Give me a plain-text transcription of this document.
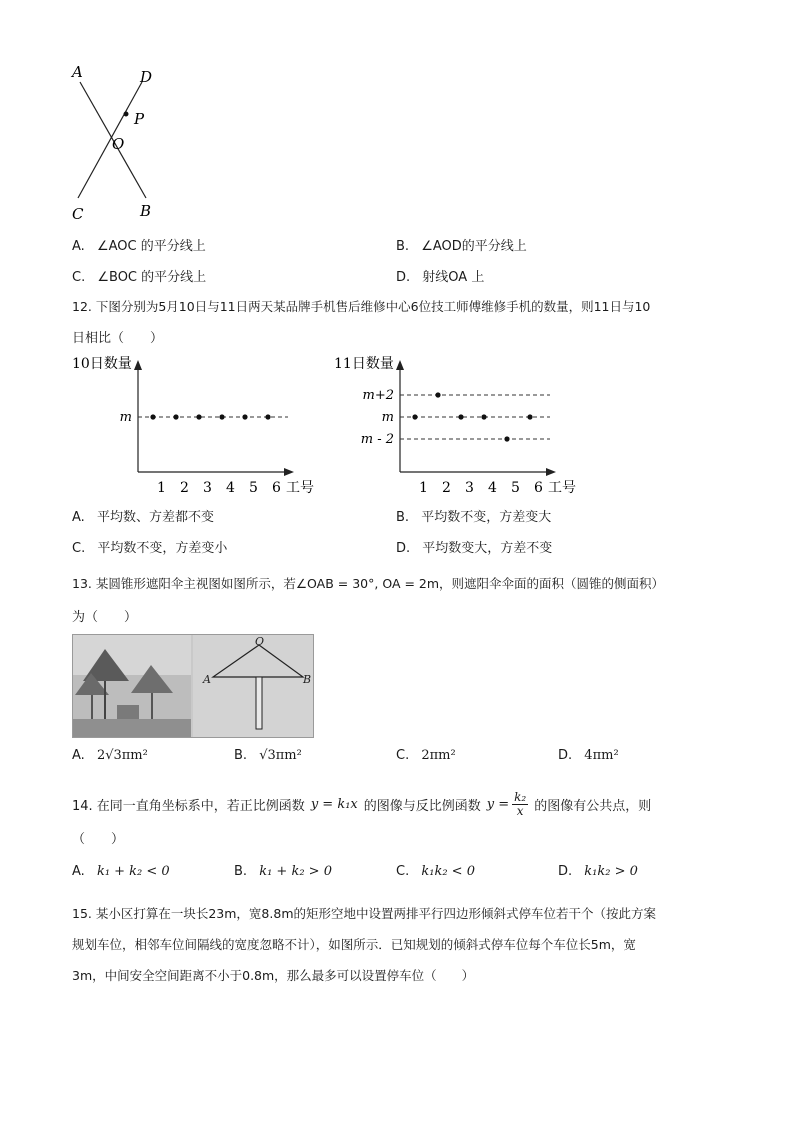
A	D
P
O
C	B
A. ∠AOC 的平分线上	B. ∠AOD的平分线上
C. ∠BOC 的平分线上	D. 射线OA 上
12. 下图分别为5月10日与11日两天某品牌手机售后维修中心6位技工师傅维修手机的数量，则11日与10
日相比（　　）
10日数量
m
1 2 3 4 5 6 工号
11日数量
m+2
m
m - 2
1 2 3 4 5 6 工号
A. 平均数、方差都不变	B. 平均数不变，方差变大
C. 平均数不变，方差变小	D. 平均数变大，方差不变
13. 某圆锥形遮阳伞主视图如图所示，若∠OAB = 30°, OA = 2m，则遮阳伞伞面的面积（圆锥的侧面积）
为（　　）
O
A	B
A. 2√3πm²	B. √3πm²	C. 2πm²	D. 4πm²
14. 在同一直角坐标系中，若正比例函数 y = k₁x 的图像与反比例函数 $y = \frac{\text{k₂}}{x}$ 的图像有公共点，则
（　　）
A. k₁ + k₂ < 0	B. k₁ + k₂ > 0	C. k₁k₂ < 0	D. k₁k₂ > 0
15. 某小区打算在一块长23m，宽8.8m的矩形空地中设置两排平行四边形倾斜式停车位若干个（按此方案
规划车位，相邻车位间隔线的宽度忽略不计），如图所示．已知规划的倾斜式停车位每个车位长5m，宽
3m，中间安全空间距离不小于0.8m，那么最多可以设置停车位（　　）
